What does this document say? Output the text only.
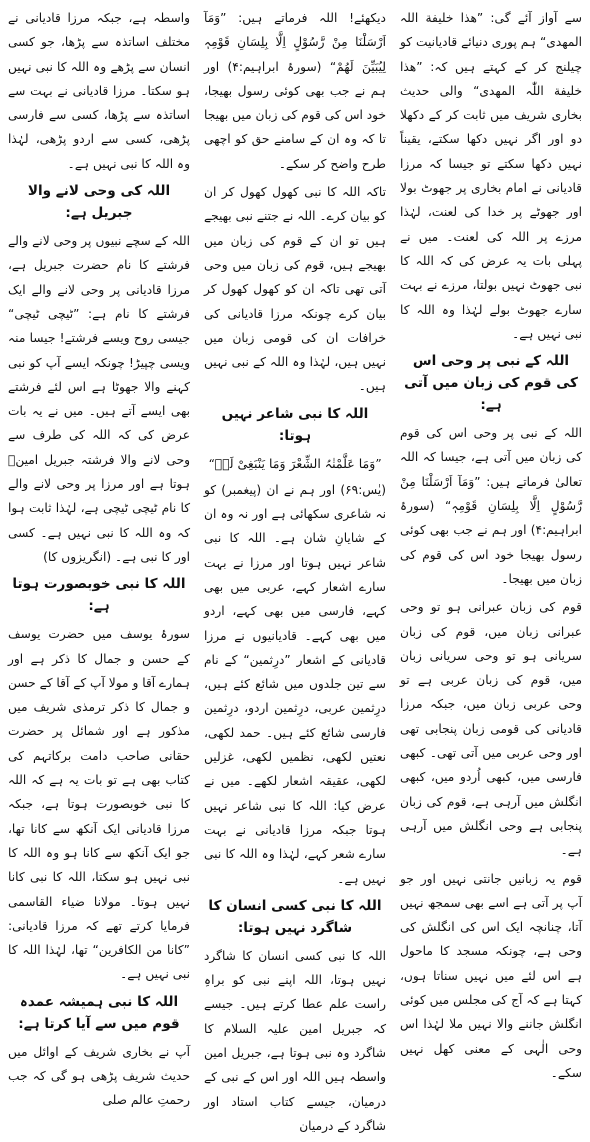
سے آواز آئے گی: ”ھذا خلیفة اللہ المھدی“ ہم پوری دنیائے قادیانیت کو چیلنج کر کے کہتے ہیں کہ: ”ھذا خلیفة اللّٰہ المھدی“ والی حدیث بخاری شریف میں ثابت کر کے دکھلا دو اور اگر نہیں دکھا سکتے، یقیناً نہیں دکھا سکتے تو جیسا کہ مرزا قادیانی نے امام بخاری پر جھوٹ بولا اور جھوٹے پر خدا کی لعنت، لہٰذا مرزے پر اللہ کی لعنت۔ میں نے پہلی بات یہ عرض کی کہ اللہ کا نبی جھوٹ نہیں بولتا، مرزے نے بہت سارے جھوٹ بولے لہٰذا وہ اللہ کا نبی نہیں ہے۔

اللہ کے نبی پر وحی اس کی قوم کی زبان میں آتی ہے:

اللہ کے نبی پر وحی اس کی قوم کی زبان میں آتی ہے، جیسا کہ اللہ تعالیٰ فرماتے ہیں: ”وَمَآ اَرْسَلْنَا مِنْ رَّسُوْلٍ اِلَّا بِلِسَانِ قَوْمِہٖ“ (سورۂ ابراہیم:۴) اور ہم نے جب بھی کوئی رسول بھیجا خود اس کی قوم کی زبان میں بھیجا۔

قوم کی زبان عبرانی ہو تو وحی عبرانی زبان میں، قوم کی زبان سریانی ہو تو وحی سریانی زبان میں، قوم کی زبان عربی ہے تو وحی عربی زبان میں، جبکہ مرزا قادیانی کی قومی زبان پنجابی تھی اور وحی عربی میں آتی تھی۔ کبھی فارسی میں، کبھی اُردو میں، کبھی انگلش میں آرہی ہے، قوم کی زبان پنجابی ہے وحی انگلش میں آرہی ہے۔

قوم یہ زبانیں جانتی نہیں اور جو آپ پر آتی ہے اسے بھی سمجھ نہیں آتا، چنانچہ ایک اس کی انگلش کی وحی ہے، چونکہ مسجد کا ماحول ہے اس لئے میں نہیں سناتا ہوں، کہتا ہے کہ آج کی مجلس میں کوئی انگلش جاننے والا نہیں ملا لہٰذا اس وحی الٰہی کے معنی کھل نہیں سکے۔

دیکھئے! اللہ فرماتے ہیں: ”وَمَآ اَرْسَلْنَا مِنْ رَّسُوْلٍ اِلَّا بِلِسَانِ قَوْمِہٖ لِیُبَیِّنَ لَھُمْ“ (سورۂ ابراہیم:۴) اور ہم نے جب بھی کوئی رسول بھیجا، خود اس کی قوم کی زبان میں بھیجا تا کہ وہ ان کے سامنے حق کو اچھی طرح واضح کر سکے۔

تاکہ اللہ کا نبی کھول کھول کر ان کو بیان کرے۔ اللہ نے جتنے نبی بھیجے ہیں تو ان کے قوم کی زبان میں بھیجے ہیں، قوم کی زبان میں وحی آتی تھی تاکہ ان کو کھول کھول کر بیان کرے چونکہ مرزا قادیانی کی خرافات ان کی قومی زبان میں نہیں ہیں، لہٰذا وہ اللہ کے نبی نہیں ہیں۔

اللہ کا نبی شاعر نہیں ہوتا:

”وَمَا عَلَّمْنٰہُ الشِّعْرَ وَمَا یَنْبَغِیْ لَہٗ“

(یٰس:۶۹) اور ہم نے ان (پیغمبر) کو نہ شاعری سکھائی ہے اور نہ وہ ان کے شایانِ شان ہے۔ اللہ کا نبی شاعر نہیں ہوتا اور مرزا نے بہت سارے اشعار کہے، عربی میں بھی کہے، فارسی میں بھی کہے، اردو میں بھی کہے۔ قادیانیوں نے مرزا قادیانی کے اشعار ”درِثمین“ کے نام سے تین جلدوں میں شائع کئے ہیں، درِثمین عربی، درِثمین اردو، درِثمین فارسی شائع کئے ہیں۔ حمد لکھی، نعتیں لکھی، نظمیں لکھی، غزلیں لکھی، عقیقہ اشعار لکھے۔ میں نے عرض کیا: اللہ کا نبی شاعر نہیں ہوتا جبکہ مرزا قادیانی نے بہت سارے شعر کہے، لہٰذا وہ اللہ کا نبی نہیں ہے۔

اللہ کا نبی کسی انسان کا شاگرد نہیں ہوتا:

اللہ کا نبی کسی انسان کا شاگرد نہیں ہوتا، اللہ اپنے نبی کو براہِ راست علم عطا کرتے ہیں۔ جیسے کہ جبریل امین علیہ السلام کا شاگرد وہ نبی ہوتا ہے، جبریل امین واسطہ ہیں اللہ اور اس کے نبی کے درمیان، جیسے کتاب استاد اور شاگرد کے درمیان

واسطہ ہے، جبکہ مرزا قادیانی نے مختلف اساتذہ سے پڑھا، جو کسی انسان سے پڑھے وہ اللہ کا نبی نہیں ہو سکتا۔ مرزا قادیانی نے بہت سے اساتذہ سے پڑھا، کسی سے فارسی پڑھی، کسی سے اردو پڑھی، لہٰذا وہ اللہ کا نبی نہیں ہے۔

اللہ کی وحی لانے والا جبریل ہے:

اللہ کے سچے نبیوں پر وحی لانے والے فرشتے کا نام حضرت جبریل ہے، مرزا قادیانی پر وحی لانے والے ایک فرشتے کا نام ہے: ”ٹیچی ٹیچی“ جیسی روح ویسے فرشتے! جیسا منہ ویسی چپیڑ! چونکہ ایسے آپ کو نبی کہنے والا جھوٹا ہے اس لئے فرشتے بھی ایسے آتے ہیں۔ میں نے یہ بات عرض کی کہ اللہ کی طرف سے وحی لانے والا فرشتہ جبریل امینؑ ہوتا ہے اور مرزا پر وحی لانے والے کا نام ٹیچی ٹیچی ہے، لہٰذا ثابت ہوا کہ وہ اللہ کا نبی نہیں ہے۔ کسی اور کا نبی ہے۔ (انگریزوں کا)

اللہ کا نبی خوبصورت ہوتا ہے:

سورۂ یوسف میں حضرت یوسف کے حسن و جمال کا ذکر ہے اور ہمارے آقا و مولا آپ کے آقا کے حسن و جمال کا ذکر ترمذی شریف میں مذکور ہے اور شمائل پر حضرت حقانی صاحب دامت برکاتہم کی کتاب بھی ہے تو بات یہ ہے کہ اللہ کا نبی خوبصورت ہوتا ہے، جبکہ مرزا قادیانی ایک آنکھ سے کانا تھا، جو ایک آنکھ سے کانا ہو وہ اللہ کا نبی نہیں ہو سکتا، اللہ کا نبی کانا نہیں ہوتا۔ مولانا ضیاء القاسمی فرمایا کرتے تھے کہ مرزا قادیانی: ”کانا من الکافرین“ تھا، لہٰذا اللہ کا نبی نہیں ہے۔

اللہ کا نبی ہمیشہ عمدہ قوم میں سے آیا کرتا ہے:

آپ نے بخاری شریف کے اوائل میں حدیث شریف پڑھی ہو گی کہ جب رحمتِ عالم صلی
